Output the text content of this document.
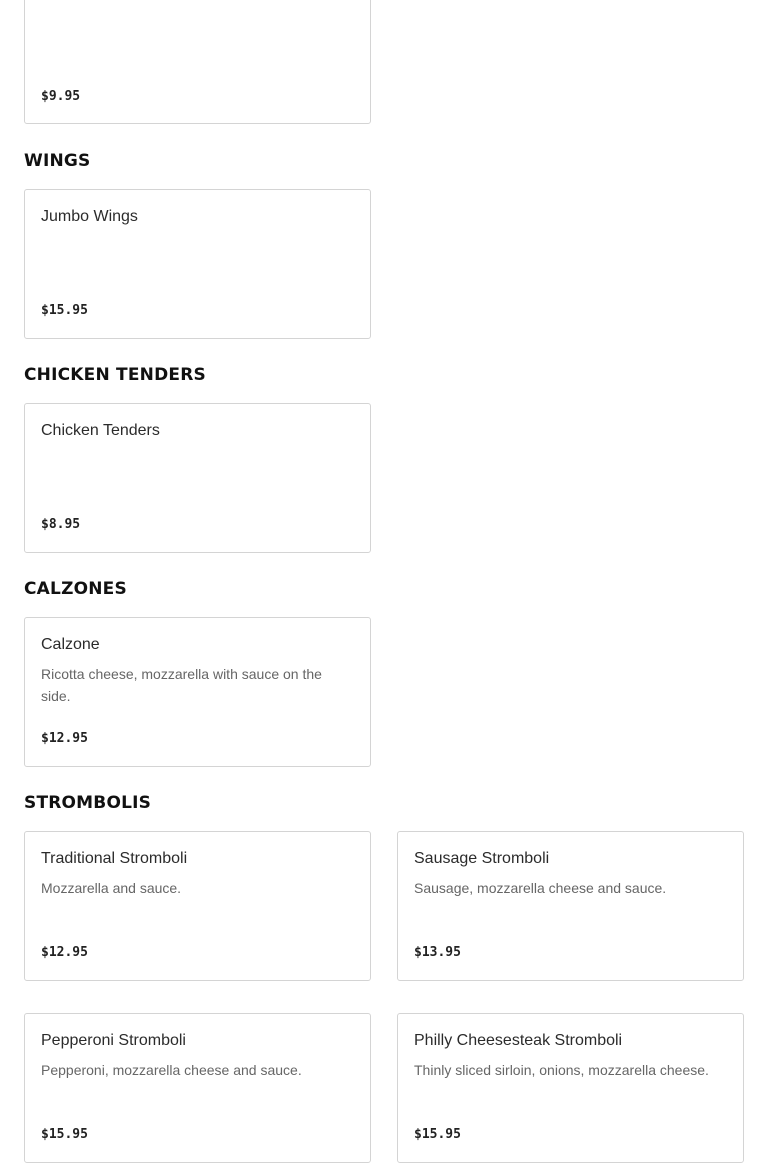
$9.95
WINGS
Jumbo Wings
$15.95
CHICKEN TENDERS
Chicken Tenders
$8.95
CALZONES
Calzone
Ricotta cheese, mozzarella with sauce on the side.
$12.95
STROMBOLIS
Traditional Stromboli
Mozzarella and sauce.
$12.95
Sausage Stromboli
Sausage, mozzarella cheese and sauce.
$13.95
Pepperoni Stromboli
Pepperoni, mozzarella cheese and sauce.
$15.95
Philly Cheesesteak Stromboli
Thinly sliced sirloin, onions, mozzarella cheese.
$15.95
